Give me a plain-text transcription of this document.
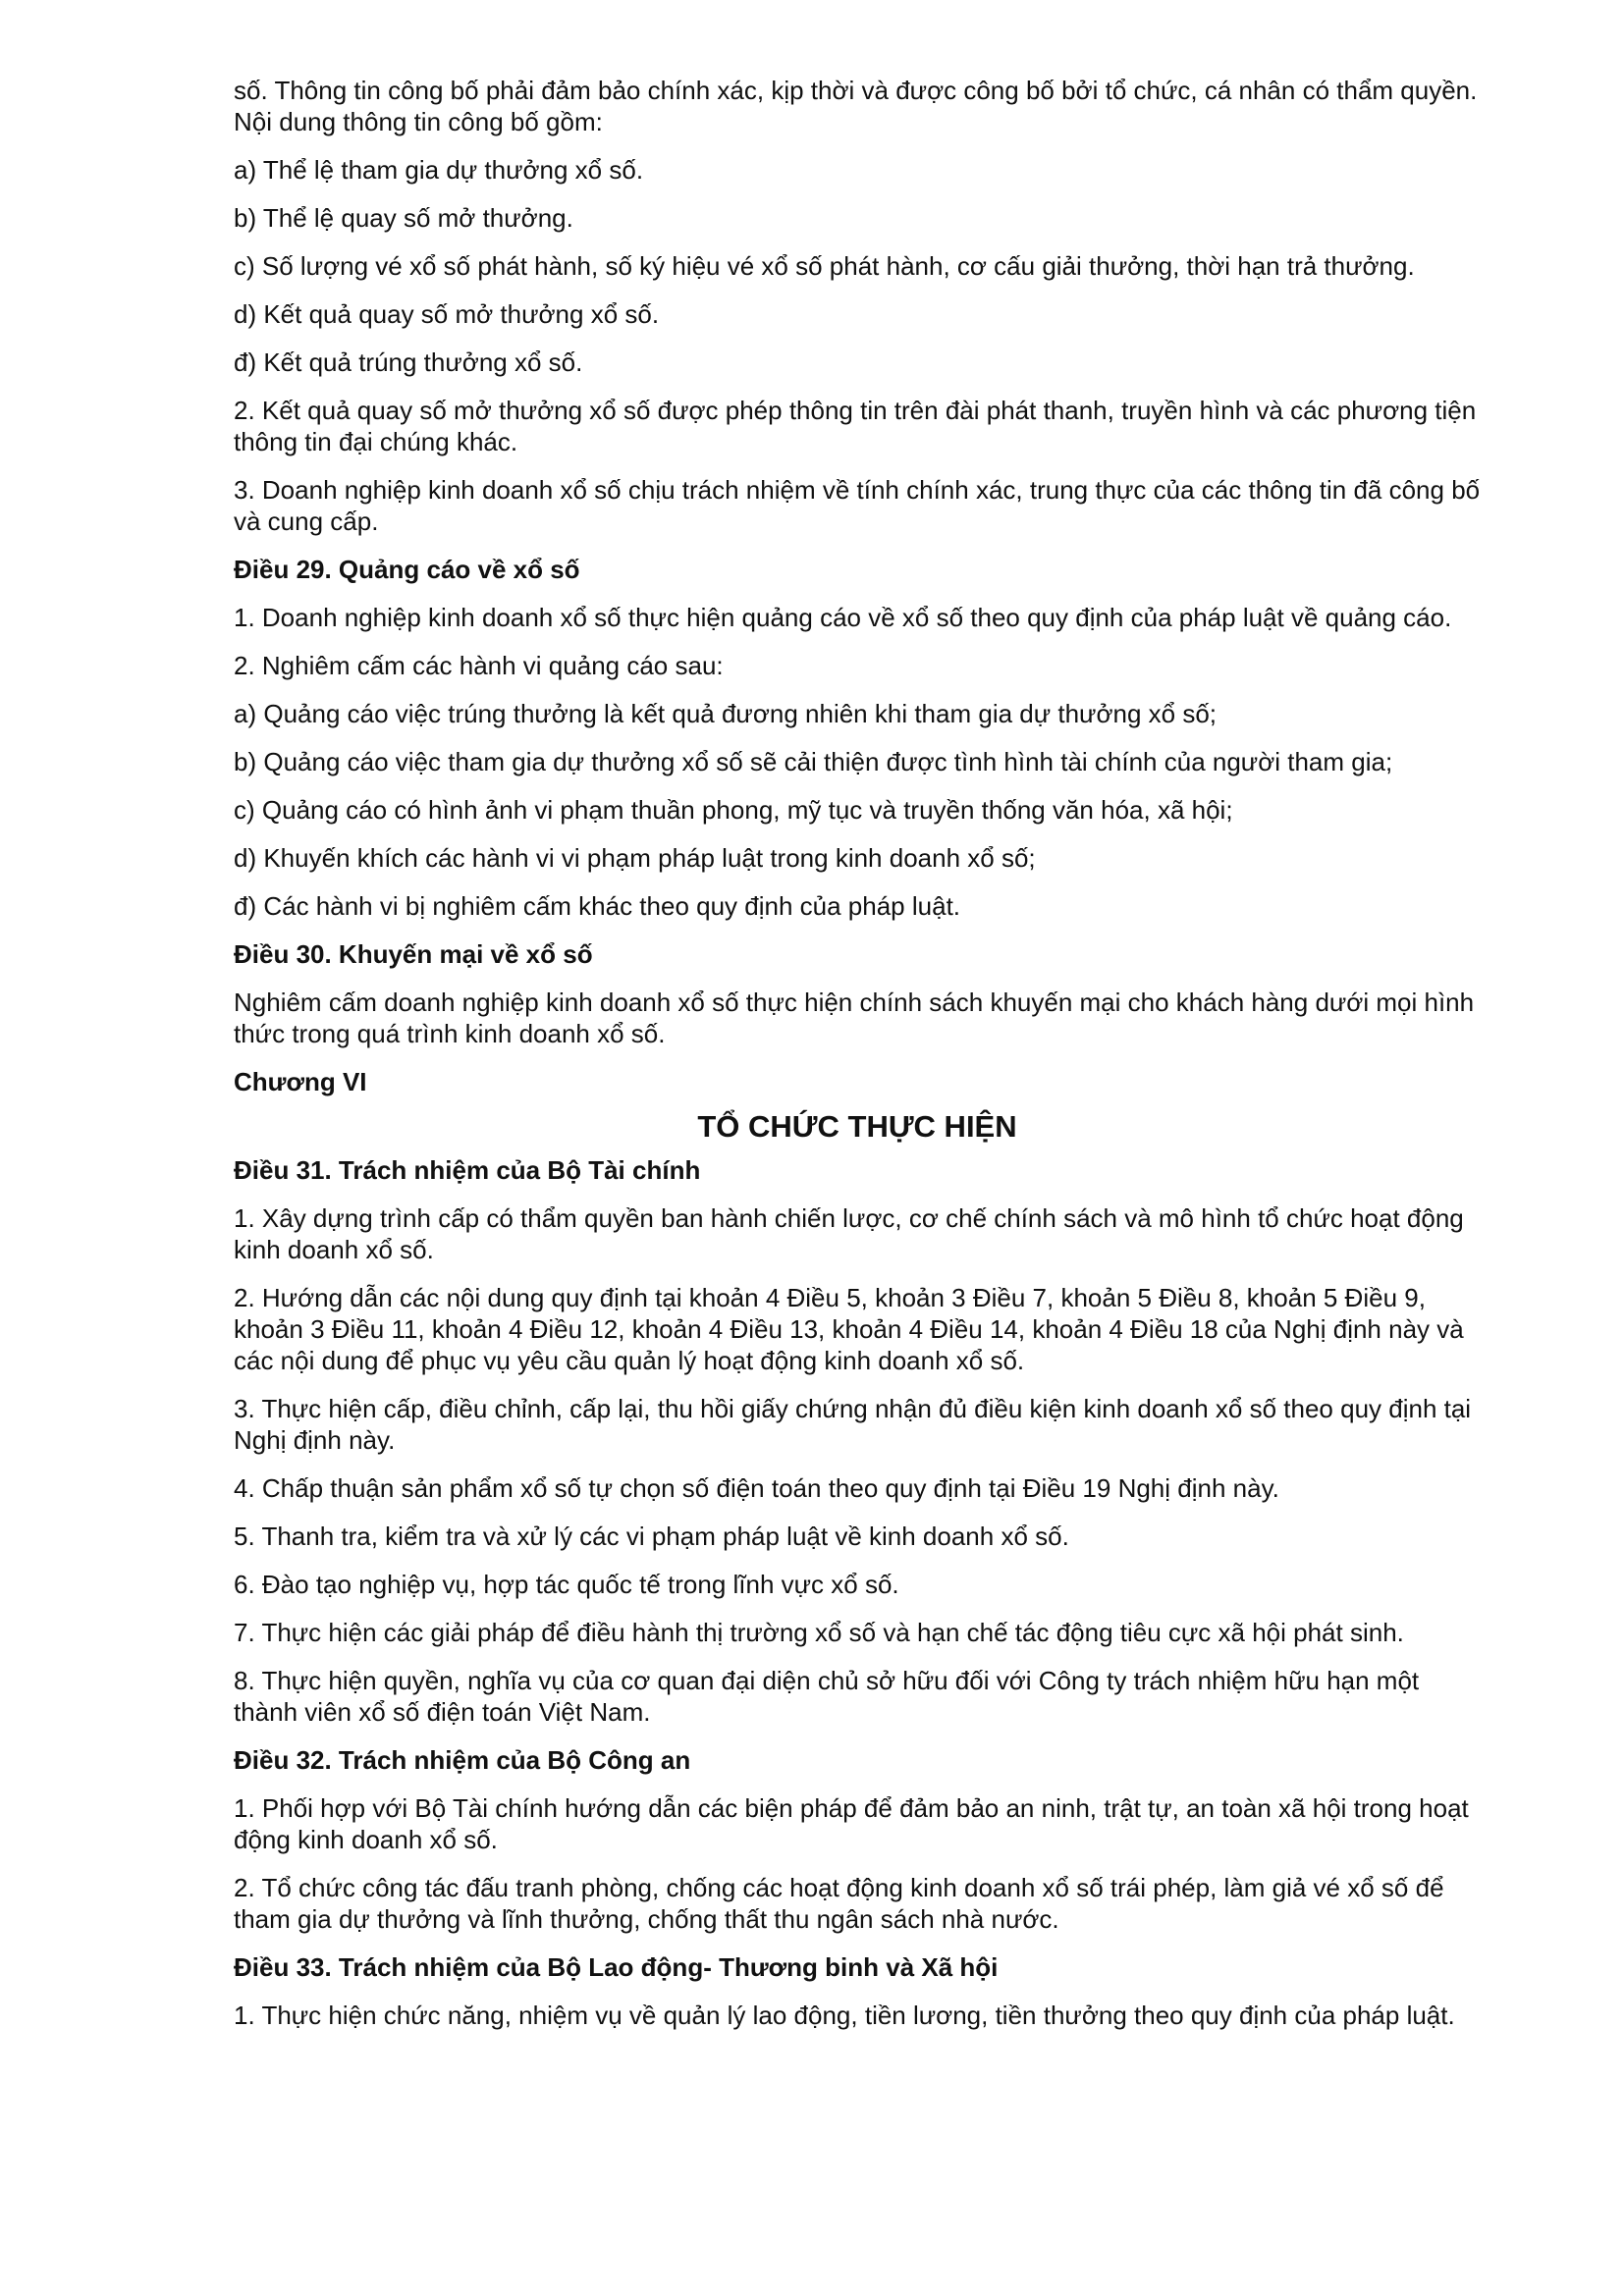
số. Thông tin công bố phải đảm bảo chính xác, kịp thời và được công bố bởi tổ chức, cá nhân có thẩm quyền. Nội dung thông tin công bố gồm:

a) Thể lệ tham gia dự thưởng xổ số.

b) Thể lệ quay số mở thưởng.

c) Số lượng vé xổ số phát hành, số ký hiệu vé xổ số phát hành, cơ cấu giải thưởng, thời hạn trả thưởng.

d) Kết quả quay số mở thưởng xổ số.

đ) Kết quả trúng thưởng xổ số.

2. Kết quả quay số mở thưởng xổ số được phép thông tin trên đài phát thanh, truyền hình và các phương tiện thông tin đại chúng khác.

3. Doanh nghiệp kinh doanh xổ số chịu trách nhiệm về tính chính xác, trung thực của các thông tin đã công bố và cung cấp.

Điều 29. Quảng cáo về xổ số

1. Doanh nghiệp kinh doanh xổ số thực hiện quảng cáo về xổ số theo quy định của pháp luật về quảng cáo.

2. Nghiêm cấm các hành vi quảng cáo sau:

a) Quảng cáo việc trúng thưởng là kết quả đương nhiên khi tham gia dự thưởng xổ số;

b) Quảng cáo việc tham gia dự thưởng xổ số sẽ cải thiện được tình hình tài chính của người tham gia;

c) Quảng cáo có hình ảnh vi phạm thuần phong, mỹ tục và truyền thống văn hóa, xã hội;

d) Khuyến khích các hành vi vi phạm pháp luật trong kinh doanh xổ số;

đ) Các hành vi bị nghiêm cấm khác theo quy định của pháp luật.

Điều 30. Khuyến mại về xổ số

Nghiêm cấm doanh nghiệp kinh doanh xổ số thực hiện chính sách khuyến mại cho khách hàng dưới mọi hình thức trong quá trình kinh doanh xổ số.

Chương VI

TỔ CHỨC THỰC HIỆN

Điều 31. Trách nhiệm của Bộ Tài chính

1. Xây dựng trình cấp có thẩm quyền ban hành chiến lược, cơ chế chính sách và mô hình tổ chức hoạt động kinh doanh xổ số.

2. Hướng dẫn các nội dung quy định tại khoản 4 Điều 5, khoản 3 Điều 7, khoản 5 Điều 8, khoản 5 Điều 9, khoản 3 Điều 11, khoản 4 Điều 12, khoản 4 Điều 13, khoản 4 Điều 14, khoản 4 Điều 18 của Nghị định này và các nội dung để phục vụ yêu cầu quản lý hoạt động kinh doanh xổ số.

3. Thực hiện cấp, điều chỉnh, cấp lại, thu hồi giấy chứng nhận đủ điều kiện kinh doanh xổ số theo quy định tại Nghị định này.

4. Chấp thuận sản phẩm xổ số tự chọn số điện toán theo quy định tại Điều 19 Nghị định này.

5. Thanh tra, kiểm tra và xử lý các vi phạm pháp luật về kinh doanh xổ số.

6. Đào tạo nghiệp vụ, hợp tác quốc tế trong lĩnh vực xổ số.

7. Thực hiện các giải pháp để điều hành thị trường xổ số và hạn chế tác động tiêu cực xã hội phát sinh.

8. Thực hiện quyền, nghĩa vụ của cơ quan đại diện chủ sở hữu đối với Công ty trách nhiệm hữu hạn một thành viên xổ số điện toán Việt Nam.

Điều 32. Trách nhiệm của Bộ Công an

1. Phối hợp với Bộ Tài chính hướng dẫn các biện pháp để đảm bảo an ninh, trật tự, an toàn xã hội trong hoạt động kinh doanh xổ số.

2. Tổ chức công tác đấu tranh phòng, chống các hoạt động kinh doanh xổ số trái phép, làm giả vé xổ số để tham gia dự thưởng và lĩnh thưởng, chống thất thu ngân sách nhà nước.

Điều 33. Trách nhiệm của Bộ Lao động- Thương binh và Xã hội

1. Thực hiện chức năng, nhiệm vụ về quản lý lao động, tiền lương, tiền thưởng theo quy định của pháp luật.
